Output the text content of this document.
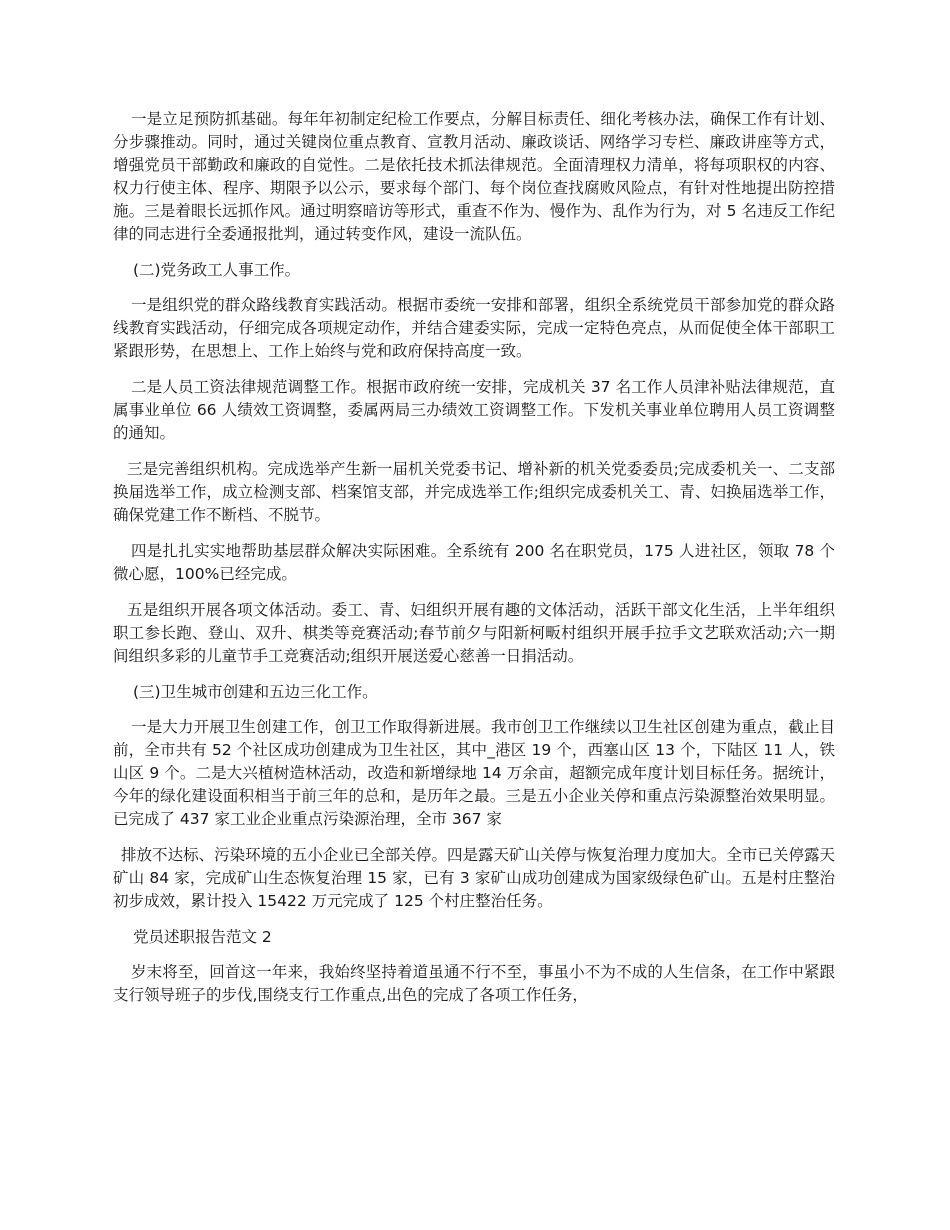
一是立足预防抓基础。每年年初制定纪检工作要点，分解目标责任、细化考核办法，确保工作有计划、分步骤推动。同时，通过关键岗位重点教育、宣教月活动、廉政谈话、网络学习专栏、廉政讲座等方式，增强党员干部勤政和廉政的自觉性。二是依托技术抓法律规范。全面清理权力清单，将每项职权的内容、权力行使主体、程序、期限予以公示，要求每个部门、每个岗位查找腐败风险点，有针对性地提出防控措施。三是着眼长远抓作风。通过明察暗访等形式，重查不作为、慢作为、乱作为行为，对 5 名违反工作纪律的同志进行全委通报批判，通过转变作风，建设一流队伍。

(二)党务政工人事工作。

一是组织党的群众路线教育实践活动。根据市委统一安排和部署，组织全系统党员干部参加党的群众路线教育实践活动，仔细完成各项规定动作，并结合建委实际，完成一定特色亮点，从而促使全体干部职工紧跟形势，在思想上、工作上始终与党和政府保持高度一致。

二是人员工资法律规范调整工作。根据市政府统一安排，完成机关 37 名工作人员津补贴法律规范，直属事业单位 66 人绩效工资调整，委属两局三办绩效工资调整工作。下发机关事业单位聘用人员工资调整的通知。

三是完善组织机构。完成选举产生新一届机关党委书记、增补新的机关党委委员;完成委机关一、二支部换届选举工作，成立检测支部、档案馆支部，并完成选举工作;组织完成委机关工、青、妇换届选举工作，确保党建工作不断档、不脱节。

四是扎扎实实地帮助基层群众解决实际困难。全系统有 200 名在职党员，175 人进社区，领取 78 个微心愿，100%已经完成。

五是组织开展各项文体活动。委工、青、妇组织开展有趣的文体活动，活跃干部文化生活，上半年组织职工参长跑、登山、双升、棋类等竞赛活动;春节前夕与阳新柯畈村组织开展手拉手文艺联欢活动;六一期间组织多彩的儿童节手工竞赛活动;组织开展送爱心慈善一日捐活动。

(三)卫生城市创建和五边三化工作。

一是大力开展卫生创建工作，创卫工作取得新进展。我市创卫工作继续以卫生社区创建为重点，截止目前，全市共有 52 个社区成功创建成为卫生社区，其中_港区 19 个，西塞山区 13 个，下陆区 11 人，铁山区 9 个。二是大兴植树造林活动，改造和新增绿地 14 万余亩，超额完成年度计划目标任务。据统计，今年的绿化建设面积相当于前三年的总和，是历年之最。三是五小企业关停和重点污染源整治效果明显。已完成了 437 家工业企业重点污染源治理，全市 367 家

排放不达标、污染环境的五小企业已全部关停。四是露天矿山关停与恢复治理力度加大。全市已关停露天矿山 84 家，完成矿山生态恢复治理 15 家，已有 3 家矿山成功创建成为国家级绿色矿山。五是村庄整治初步成效，累计投入 15422 万元完成了 125 个村庄整治任务。

党员述职报告范文 2

岁末将至，回首这一年来，我始终坚持着道虽通不行不至，事虽小不为不成的人生信条，在工作中紧跟支行领导班子的步伐,围绕支行工作重点,出色的完成了各项工作任务，
